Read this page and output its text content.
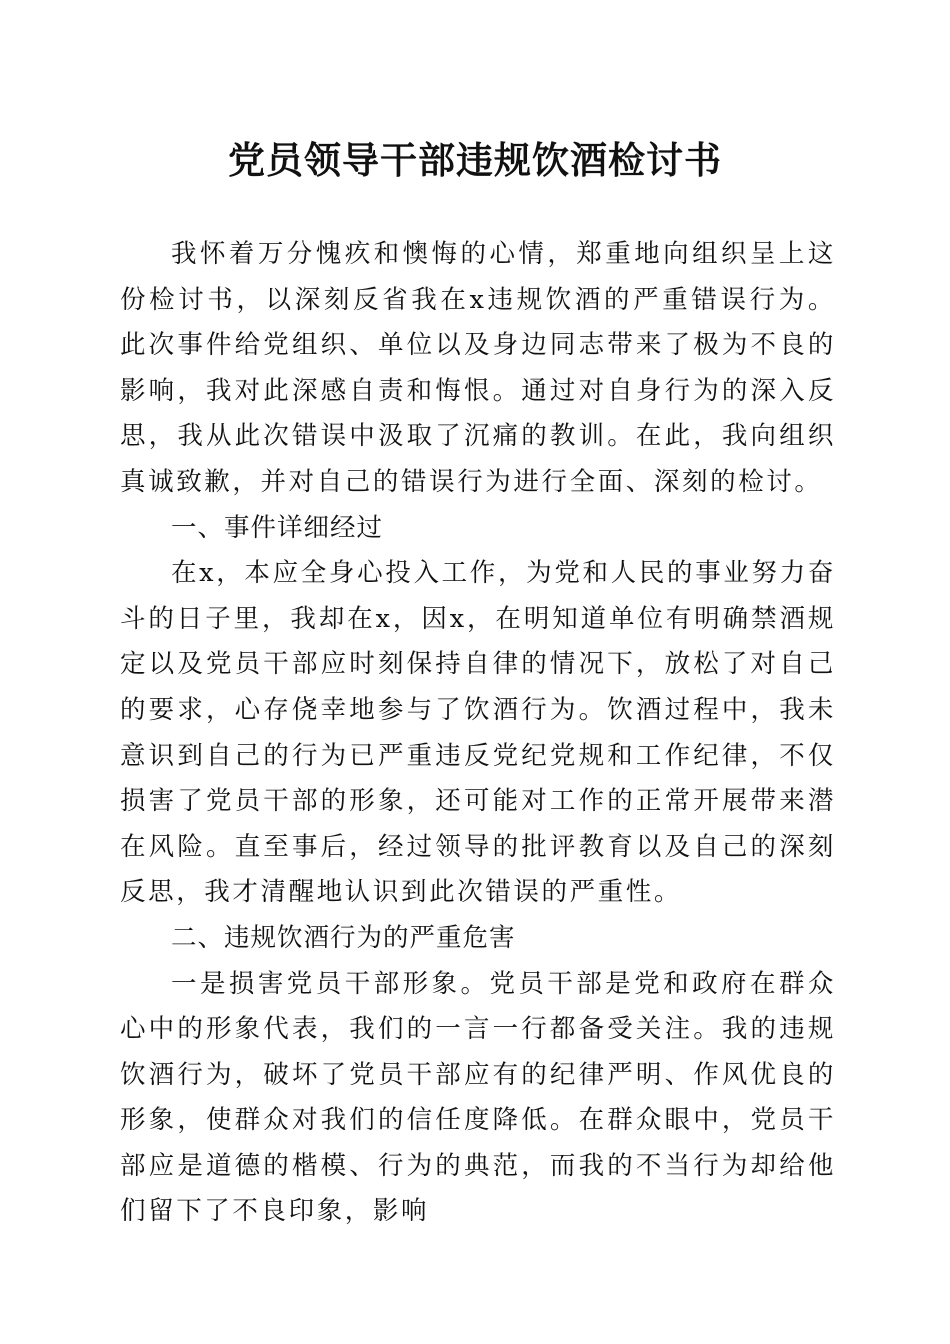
党员领导干部违规饮酒检讨书

我怀着万分愧疚和懊悔的心情，郑重地向组织呈上这份检讨书，以深刻反省我在x违规饮酒的严重错误行为。此次事件给党组织、单位以及身边同志带来了极为不良的影响，我对此深感自责和悔恨。通过对自身行为的深入反思，我从此次错误中汲取了沉痛的教训。在此，我向组织真诚致歉，并对自己的错误行为进行全面、深刻的检讨。

一、事件详细经过

在x，本应全身心投入工作，为党和人民的事业努力奋斗的日子里，我却在x，因x，在明知道单位有明确禁酒规定以及党员干部应时刻保持自律的情况下，放松了对自己的要求，心存侥幸地参与了饮酒行为。饮酒过程中，我未意识到自己的行为已严重违反党纪党规和工作纪律，不仅损害了党员干部的形象，还可能对工作的正常开展带来潜在风险。直至事后，经过领导的批评教育以及自己的深刻反思，我才清醒地认识到此次错误的严重性。

二、违规饮酒行为的严重危害

一是损害党员干部形象。党员干部是党和政府在群众心中的形象代表，我们的一言一行都备受关注。我的违规饮酒行为，破坏了党员干部应有的纪律严明、作风优良的形象，使群众对我们的信任度降低。在群众眼中，党员干部应是道德的楷模、行为的典范，而我的不当行为却给他们留下了不良印象，影响
